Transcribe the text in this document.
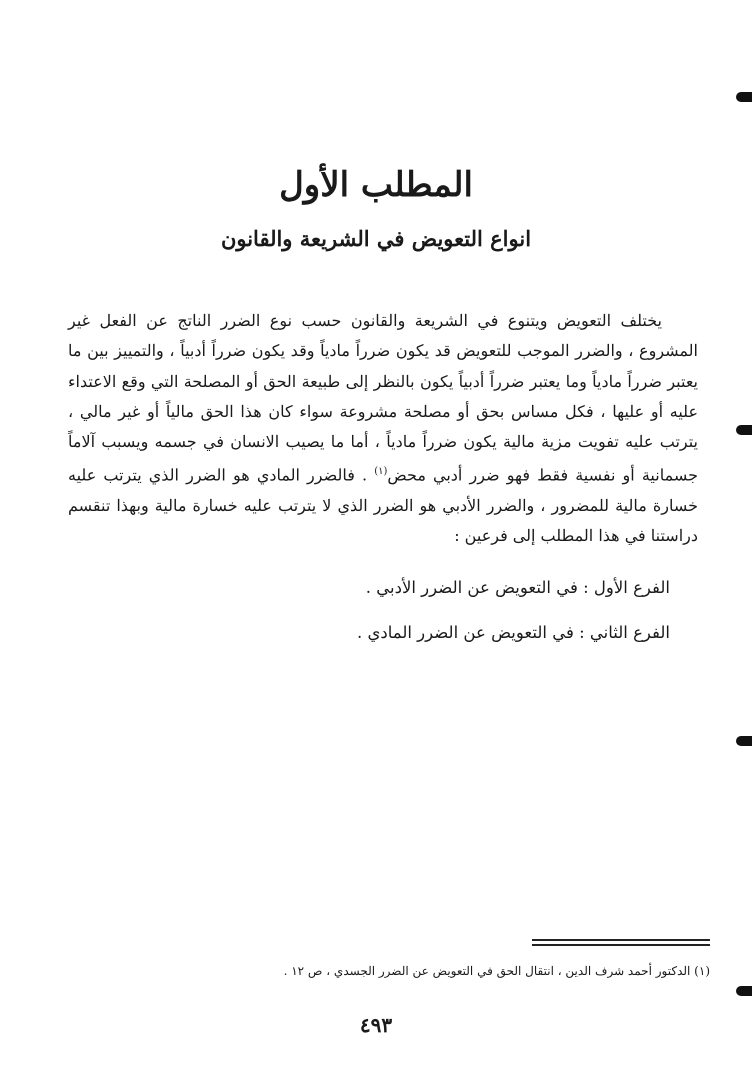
المطلب الأول
انواع التعويض في الشريعة والقانون

يختلف التعويض ويتنوع في الشريعة والقانون حسب نوع الضرر الناتج عن الفعل غير المشروع ، والضرر الموجب للتعويض قد يكون ضرراً مادياً وقد يكون ضرراً أدبياً ، والتمييز بين ما يعتبر ضرراً مادياً وما يعتبر ضرراً أدبياً يكون بالنظر إلى طبيعة الحق أو المصلحة التي وقع الاعتداء عليه أو عليها ، فكل مساس بحق أو مصلحة مشروعة سواء كان هذا الحق مالياً أو غير مالي ، يترتب عليه تفويت مزية مالية يكون ضرراً مادياً ، أما ما يصيب الانسان في جسمه ويسبب آلاماً جسمانية أو نفسية فقط فهو ضرر أدبي محض$^{(١)}$ . فالضرر المادي هو الضرر الذي يترتب عليه خسارة مالية للمضرور ، والضرر الأدبي هو الضرر الذي لا يترتب عليه خسارة مالية وبهذا تنقسم دراستنا في هذا المطلب إلى فرعين :

الفرع الأول : في التعويض عن الضرر الأدبي .
الفرع الثاني : في التعويض عن الضرر المادي .
(١) الدكتور أحمد شرف الدين ، انتقال الحق في التعويض عن الضرر الجسدي ، ص ١٢ .
٤٩٣
